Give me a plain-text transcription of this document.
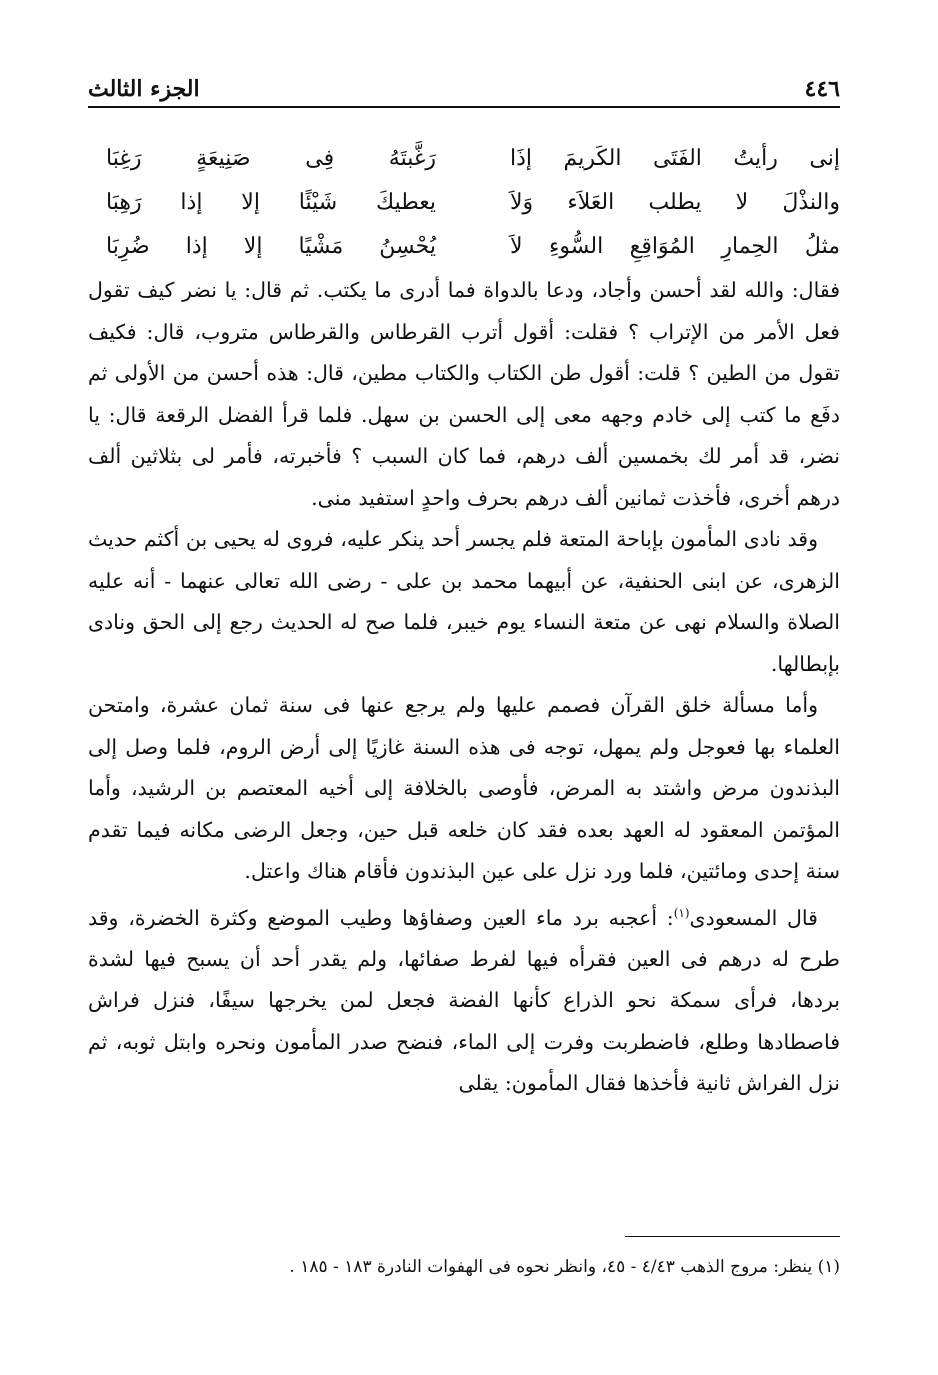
٤٤٦
الجزء الثالث
إنى رأيتُ الفَتَى الكَريمَ إذَا
رَغَّبتَهُ فِى صَنِيعَةٍ رَغِبَا
والنذْلَ لا يطلب العَلاَء وَلاَ
يعطيكَ شَيْئًا إلا إذا رَهِبَا
مثلُ الحِمارِ المُوَاقِعِ السُّوءِ لاَ
يُحْسِنُ مَشْيًا إلا إذا ضُرِبَا

فقال: والله لقد أحسن وأجاد، ودعا بالدواة فما أدرى ما يكتب. ثم قال: يا نضر كيف تقول فعل الأمر من الإتراب ؟ فقلت: أقول أترب القرطاس والقرطاس متروب، قال: فكيف تقول من الطين ؟ قلت: أقول طن الكتاب والكتاب مطين، قال: هذه أحسن من الأولى ثم دفَع ما كتب إلى خادم وجهه معى إلى الحسن بن سهل. فلما قرأ الفضل الرقعة قال: يا نضر، قد أمر لك بخمسين ألف درهم، فما كان السبب ؟ فأخبرته، فأمر لى بثلاثين ألف درهم أخرى، فأخذت ثمانين ألف درهم بحرف واحدٍ استفيد منى.

وقد نادى المأمون بإباحة المتعة فلم يجسر أحد ينكر عليه، فروى له يحيى بن أكثم حديث الزهرى، عن ابنى الحنفية، عن أبيهما محمد بن على - رضى الله تعالى عنهما - أنه عليه الصلاة والسلام نهى عن متعة النساء يوم خيبر، فلما صح له الحديث رجع إلى الحق ونادى بإبطالها.

وأما مسألة خلق القرآن فصمم عليها ولم يرجع عنها فى سنة ثمان عشرة، وامتحن العلماء بها فعوجل ولم يمهل، توجه فى هذه السنة غازيًا إلى أرض الروم، فلما وصل إلى البذندون مرض واشتد به المرض، فأوصى بالخلافة إلى أخيه المعتصم بن الرشيد، وأما المؤتمن المعقود له العهد بعده فقد كان خلعه قبل حين، وجعل الرضى مكانه فيما تقدم سنة إحدى ومائتين، فلما ورد نزل على عين البذندون فأقام هناك واعتل.

قال المسعودى$^{(١)}$: أعجبه برد ماء العين وصفاؤها وطيب الموضع وكثرة الخضرة، وقد طرح له درهم فى العين فقرأه فيها لفرط صفائها، ولم يقدر أحد أن يسبح فيها لشدة بردها، فرأى سمكة نحو الذراع كأنها الفضة فجعل لمن يخرجها سيفًا، فنزل فراش فاصطادها وطلع، فاضطربت وفرت إلى الماء، فنضح صدر المأمون ونحره وابتل ثوبه، ثم نزل الفراش ثانية فأخذها فقال المأمون: يقلى

(١) ينظر: مروج الذهب ٤/٤٣ - ٤٥، وانظر نحوه فى الهفوات النادرة ١٨٣ - ١٨٥ .
